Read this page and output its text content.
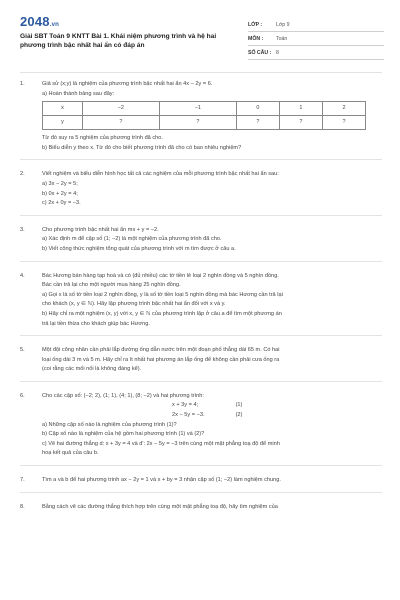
2048.vn
Giải SBT Toán 9 KNTT Bài 1. Khái niệm phương trình và hệ hai phương trình bậc nhất hai ẩn có đáp án
LỚP :	Lớp 9
MÔN : Toán
SỐ CÂU : 8
1.	Giả sử (x;y) là nghiệm của phương trình bậc nhất hai ẩn 4x − 2y = 6.
a) Hoàn thành bảng sau đây:
x	−2	−1	0	1	2
y	?	?	?	?	?
Từ đó suy ra 5 nghiệm của phương trình đã cho.
b) Biểu diễn y theo x. Từ đó cho biết phương trình đã cho có bao nhiêu nghiệm?
2.	Viết nghiệm và biểu diễn hình học tất cả các nghiệm của mỗi phương trình bậc nhất hai ẩn sau:
a) 3x − 2y = 5;
b) 0x + 2y = 4;
c) 2x + 0y = −3.
3.	Cho phương trình bậc nhất hai ẩn mx + y = −2.
a) Xác định m để cặp số (1; −2) là một nghiệm của phương trình đã cho.
b) Viết công thức nghiệm tổng quát của phương trình với m tìm được ở câu a.
4.	Bác Hương bán hàng tạp hoá và có (đủ nhiều) các tờ tiền lẻ loại 2 nghìn đồng và 5 nghìn đồng.
Bác cần trả lại cho một người mua hàng 25 nghìn đồng.
a) Gọi x là số tờ tiền loại 2 nghìn đồng, y là số tờ tiền loại 5 nghìn đồng mà bác Hương cần trả lại
cho khách (x, y ∈ ℕ). Hãy lập phương trình bậc nhất hai ẩn đối với x và y.
b) Hãy chỉ ra một nghiệm (x, y) với x, y ∈ ℕ của phương trình lập ở câu a để tìm một phương án
trả lại tiền thừa cho khách giúp bác Hương.
5.	Một đội công nhân cần phải lắp đường ống dẫn nước trên một đoạn phố thẳng dài 65 m. Có hai
loại ống dài 3 m và 5 m. Hãy chỉ ra ít nhất hai phương án lắp ống để không cần phải cưa ống ra
(coi rằng các mối nối là không đáng kể).
6.	Cho các cặp số: (−2; 2), (1; 1), (4; 1), (8; −2) và hai phương trình:
x + 3y = 4;	(1)
2x − 5y = −3.	(2)
a) Những cặp số nào là nghiệm của phương trình (1)?
b) Cặp số nào là nghiệm của hệ gồm hai phương trình (1) và (2)?
c) Vẽ hai đường thẳng d: x + 3y = 4 và d': 2x − 5y = −3 trên cùng một mặt phẳng toạ độ để minh
hoạ kết quả của câu b.
7.	Tìm a và b để hai phương trình ax − 2y = 1 và x + by = 3 nhận cặp số (1; −2) làm nghiệm chung.
8.	Bằng cách vẽ các đường thẳng thích hợp trên cùng một mặt phẳng toạ độ, hãy tìm nghiệm của
